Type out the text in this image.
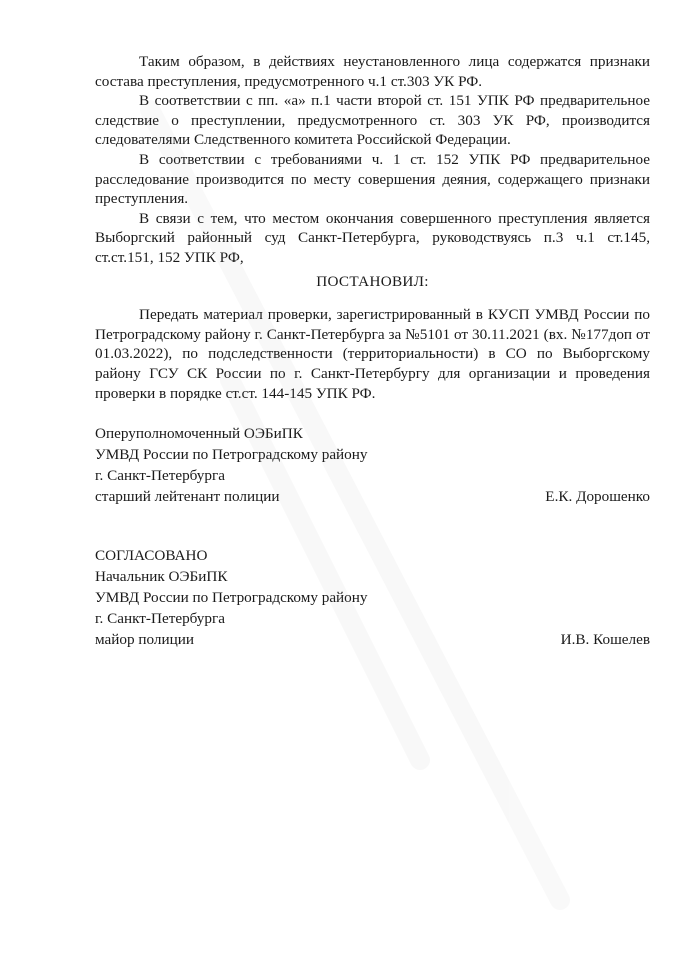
Таким образом, в действиях неустановленного лица содержатся признаки состава преступления, предусмотренного ч.1 ст.303 УК РФ.

В соответствии с пп. «а» п.1 части второй ст. 151 УПК РФ предварительное следствие о преступлении, предусмотренного ст. 303 УК РФ, производится следователями Следственного комитета Российской Федерации.

В соответствии с требованиями ч. 1 ст. 152 УПК РФ предварительное расследование производится по месту совершения деяния, содержащего признаки преступления.

В связи с тем, что местом окончания совершенного преступления является Выборгский районный суд Санкт-Петербурга, руководствуясь п.3 ч.1 ст.145, ст.ст.151, 152 УПК РФ,

ПОСТАНОВИЛ:

Передать материал проверки, зарегистрированный в КУСП УМВД России по Петроградскому району г. Санкт-Петербурга за №5101 от 30.11.2021 (вх. №177доп от 01.03.2022), по подследственности (территориальности) в СО по Выборгскому району ГСУ СК России по г. Санкт-Петербургу для организации и проведения проверки в порядке ст.ст. 144-145 УПК РФ.

Оперуполномоченный ОЭБиПК
УМВД России по Петроградскому району
г. Санкт-Петербурга
старший лейтенант полиции	Е.К. Дорошенко
СОГЛАСОВАНО
Начальник ОЭБиПК
УМВД России по Петроградскому району
г. Санкт-Петербурга
майор полиции	И.В. Кошелев
